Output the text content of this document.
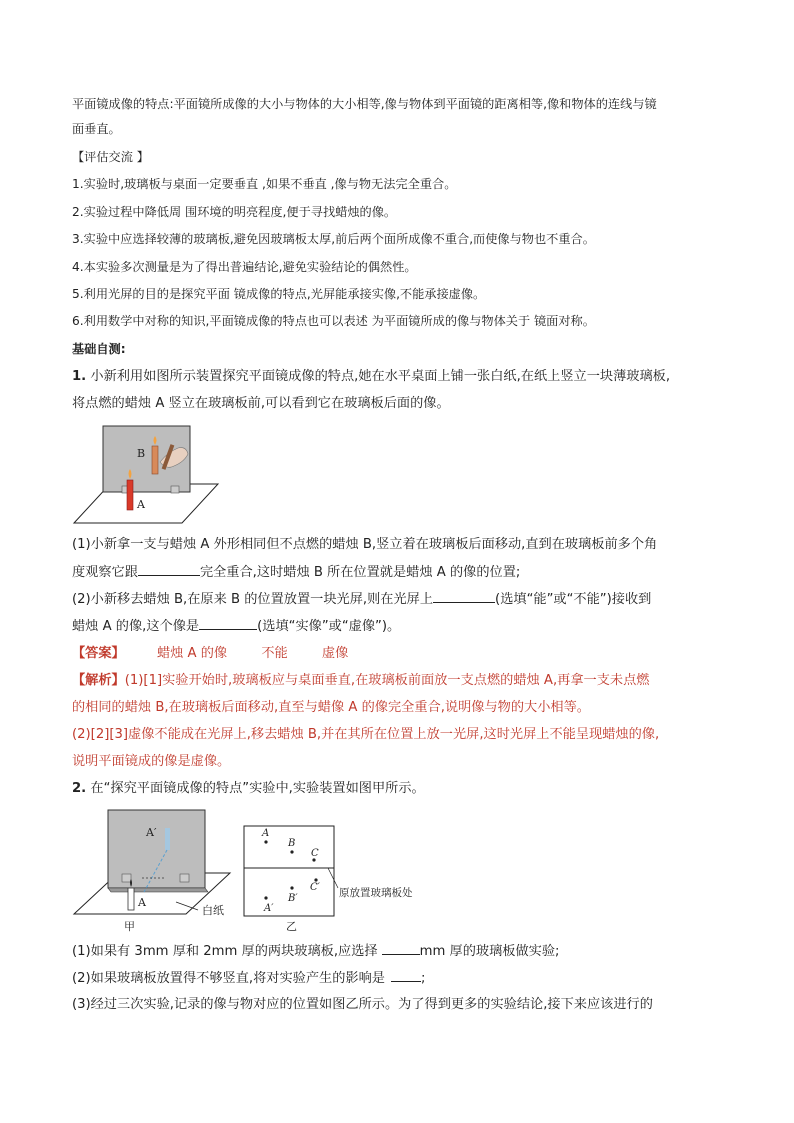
平面镜成像的特点:平面镜所成像的大小与物体的大小相等,像与物体到平面镜的距离相等,像和物体的连线与镜
面垂直。
【评估交流 】
1.实验时,玻璃板与桌面一定要垂直 ,如果不垂直 ,像与物无法完全重合。
2.实验过程中降低周 围环境的明亮程度,便于寻找蜡烛的像。
3.实验中应选择较薄的玻璃板,避免因玻璃板太厚,前后两个面所成像不重合,而使像与物也不重合。
4.本实验多次测量是为了得出普遍结论,避免实验结论的偶然性。
5.利用光屏的目的是探究平面 镜成像的特点,光屏能承接实像,不能承接虚像。
6.利用数学中对称的知识,平面镜成像的特点也可以表述 为平面镜所成的像与物体关于 镜面对称。
基础自测:
1. 小新利用如图所示装置探究平面镜成像的特点,她在水平桌面上铺一张白纸,在纸上竖立一块薄玻璃板,
将点燃的蜡烛 A 竖立在玻璃板前,可以看到它在玻璃板后面的像。
B
A
(1)小新拿一支与蜡烛 A 外形相同但不点燃的蜡烛 B,竖立着在玻璃板后面移动,直到在玻璃板前多个角
度观察它跟	完全重合,这时蜡烛 B 所在位置就是蜡烛 A 的像的位置;
(2)小新移去蜡烛 B,在原来 B 的位置放置一块光屏,则在光屏上	(选填“能”或“不能”)接收到
蜡烛 A 的像,这个像是	(选填“实像”或“虚像”)。
【答案】 蜡烛 A 的像	不能	虚像
【解析】(1)[1]实验开始时,玻璃板应与桌面垂直,在玻璃板前面放一支点燃的蜡烛 A,再拿一支未点燃
的相同的蜡烛 B,在玻璃板后面移动,直至与蜡像 A 的像完全重合,说明像与物的大小相等。
(2)[2][3]虚像不能成在光屏上,移去蜡烛 B,并在其所在位置上放一光屏,这时光屏上不能呈现蜡烛的像,
说明平面镜成的像是虚像。
2. 在“探究平面镜成像的特点”实验中,实验装置如图甲所示。
A′
A
甲
白纸
A
B
C
C′
B′
A′
原放置玻璃板处
乙
(1)如果有 3mm 厚和 2mm 厚的两块玻璃板,应选择	mm 厚的玻璃板做实验;
(2)如果玻璃板放置得不够竖直,将对实验产生的影响是	;
(3)经过三次实验,记录的像与物对应的位置如图乙所示。为了得到更多的实验结论,接下来应该进行的
